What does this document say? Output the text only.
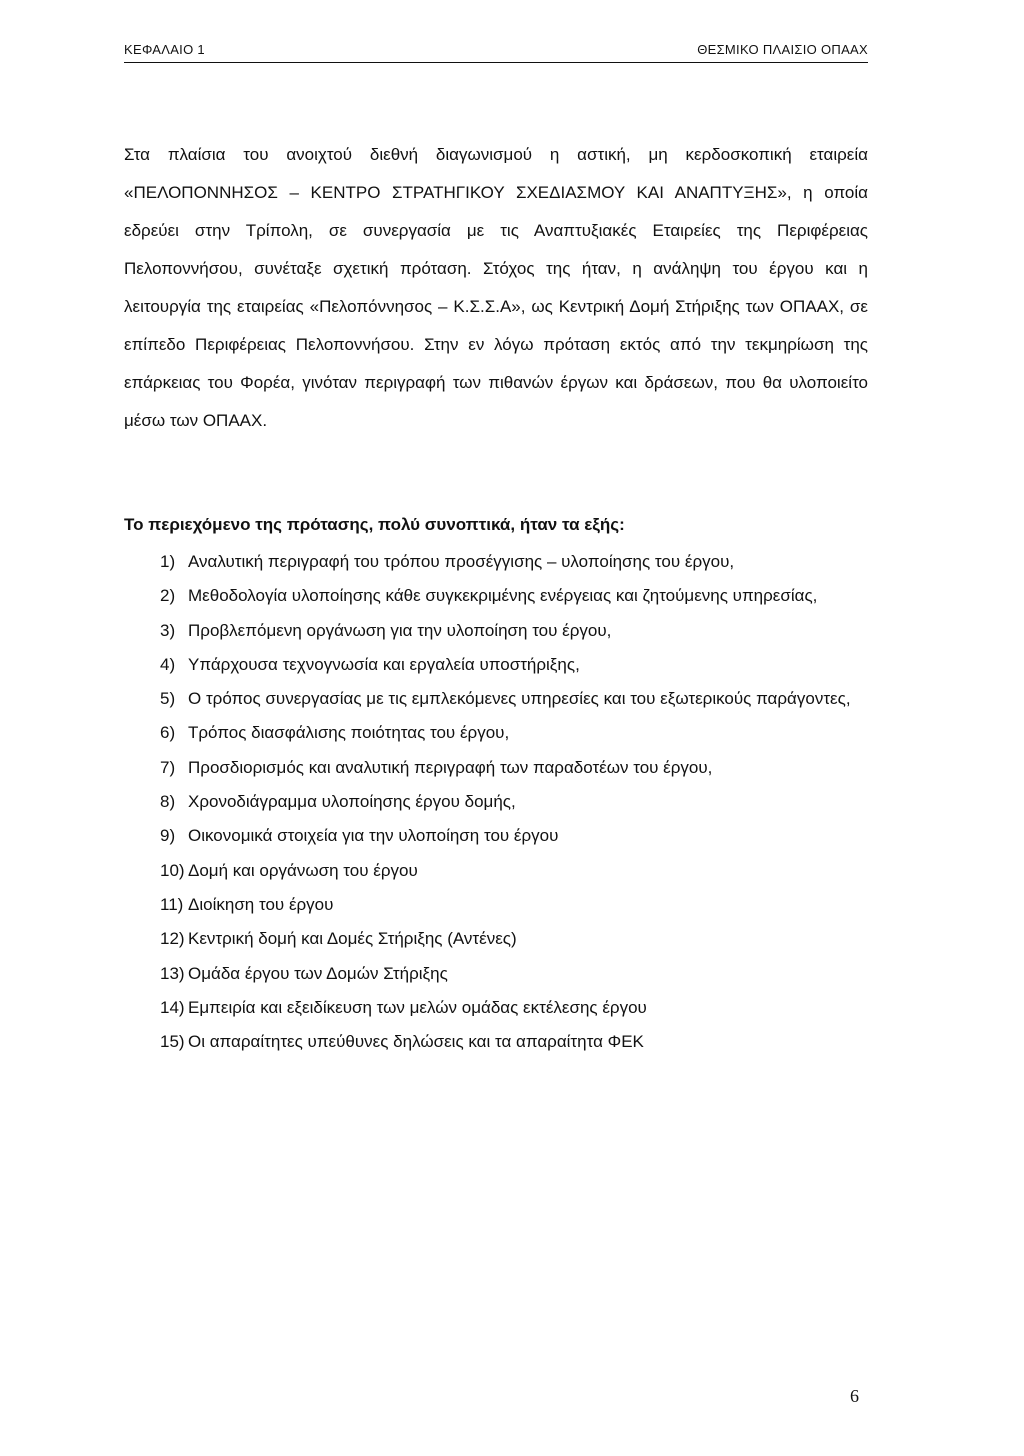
ΚΕΦΑΛΑΙΟ 1	ΘΕΣΜΙΚΟ ΠΛΑΙΣΙΟ ΟΠΑΑΧ

Στα πλαίσια του ανοιχτού διεθνή διαγωνισμού η αστική, μη κερδοσκοπική εταιρεία «ΠΕΛΟΠΟΝΝΗΣΟΣ – ΚΕΝΤΡΟ ΣΤΡΑΤΗΓΙΚΟΥ ΣΧΕΔΙΑΣΜΟΥ ΚΑΙ ΑΝΑΠΤΥΞΗΣ», η οποία εδρεύει στην Τρίπολη, σε συνεργασία με τις Αναπτυξιακές Εταιρείες της Περιφέρειας Πελοποννήσου, συνέταξε σχετική πρόταση. Στόχος της ήταν, η ανάληψη του έργου και η λειτουργία της εταιρείας «Πελοπόννησος – Κ.Σ.Σ.Α», ως Κεντρική Δομή Στήριξης των ΟΠΑΑΧ, σε επίπεδο Περιφέρειας Πελοποννήσου. Στην εν λόγω πρόταση εκτός από την τεκμηρίωση της επάρκειας του Φορέα, γινόταν περιγραφή των πιθανών έργων και δράσεων, που θα υλοποιείτο μέσω των ΟΠΑΑΧ.

Το περιεχόμενο της πρότασης, πολύ συνοπτικά, ήταν τα εξής:

1) Αναλυτική περιγραφή του τρόπου προσέγγισης – υλοποίησης του έργου,
2) Μεθοδολογία υλοποίησης κάθε συγκεκριμένης ενέργειας και ζητούμενης υπηρεσίας,
3) Προβλεπόμενη οργάνωση για την υλοποίηση του έργου,
4) Υπάρχουσα τεχνογνωσία και εργαλεία υποστήριξης,
5) Ο τρόπος συνεργασίας με τις εμπλεκόμενες υπηρεσίες και του εξωτερικούς παράγοντες,
6) Τρόπος διασφάλισης ποιότητας του έργου,
7) Προσδιορισμός και αναλυτική περιγραφή των παραδοτέων του έργου,
8) Χρονοδιάγραμμα υλοποίησης έργου δομής,
9) Οικονομικά στοιχεία για την υλοποίηση του έργου
10) Δομή και οργάνωση του έργου
11) Διοίκηση του έργου
12) Κεντρική δομή και Δομές Στήριξης (Αντένες)
13) Ομάδα έργου των Δομών Στήριξης
14) Εμπειρία και εξειδίκευση των μελών ομάδας εκτέλεσης έργου
15) Οι απαραίτητες υπεύθυνες δηλώσεις και τα απαραίτητα ΦΕΚ
6
